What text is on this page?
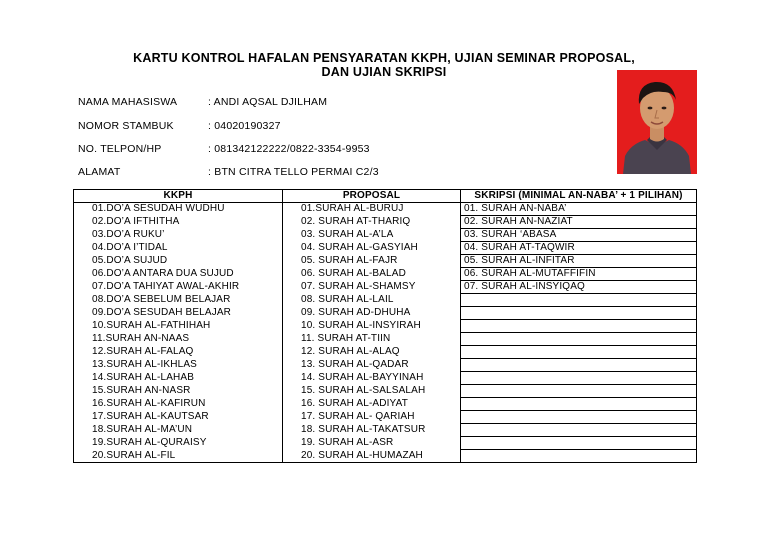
KARTU KONTROL HAFALAN PENSYARATAN KKPH, UJIAN SEMINAR PROPOSAL,
DAN UJIAN SKRIPSI
NAMA MAHASISWA	: ANDI AQSAL DJILHAM
NOMOR STAMBUK	: 04020190327
NO. TELPON/HP	: 081342122222/0822-3354-9953
ALAMAT	: BTN CITRA TELLO PERMAI C2/3
KKPH	PROPOSAL	SKRIPSI (MINIMAL AN-NABA’ + 1 PILIHAN)
01.DO’A SESUDAH WUDHU	01.SURAH AL-BURUJ	01. SURAH AN-NABA’
02.DO’A IFTHITHA	02. SURAH AT-THARIQ	02. SURAH AN-NAZIAT
03.DO’A RUKU’	03. SURAH AL-A’LA	03. SURAH ‘ABASA
04.DO’A I’TIDAL	04. SURAH AL-GASYIAH	04. SURAH AT-TAQWIR
05.DO’A SUJUD	05. SURAH AL-FAJR	05. SURAH AL-INFITAR
06.DO’A ANTARA DUA SUJUD	06. SURAH AL-BALAD	06. SURAH AL-MUTAFFIFIN
07.DO’A TAHIYAT AWAL-AKHIR	07. SURAH AL-SHAMSY	07. SURAH AL-INSYIQAQ
08.DO’A SEBELUM BELAJAR	08. SURAH AL-LAIL	
09.DO’A SESUDAH BELAJAR	09. SURAH AD-DHUHA	
10.SURAH AL-FATHIHAH	10. SURAH AL-INSYIRAH	
11.SURAH AN-NAAS	11. SURAH AT-TIIN	
12.SURAH AL-FALAQ	12. SURAH AL-ALAQ	
13.SURAH AL-IKHLAS	13. SURAH AL-QADAR	
14.SURAH AL-LAHAB	14. SURAH AL-BAYYINAH	
15.SURAH AN-NASR	15. SURAH AL-SALSALAH	
16.SURAH AL-KAFIRUN	16. SURAH AL-ADIYAT	
17.SURAH AL-KAUTSAR	17. SURAH AL- QARIAH	
18.SURAH AL-MA’UN	18. SURAH AL-TAKATSUR	
19.SURAH AL-QURAISY	19. SURAH AL-ASR	
20.SURAH AL-FIL	20. SURAH AL-HUMAZAH	
